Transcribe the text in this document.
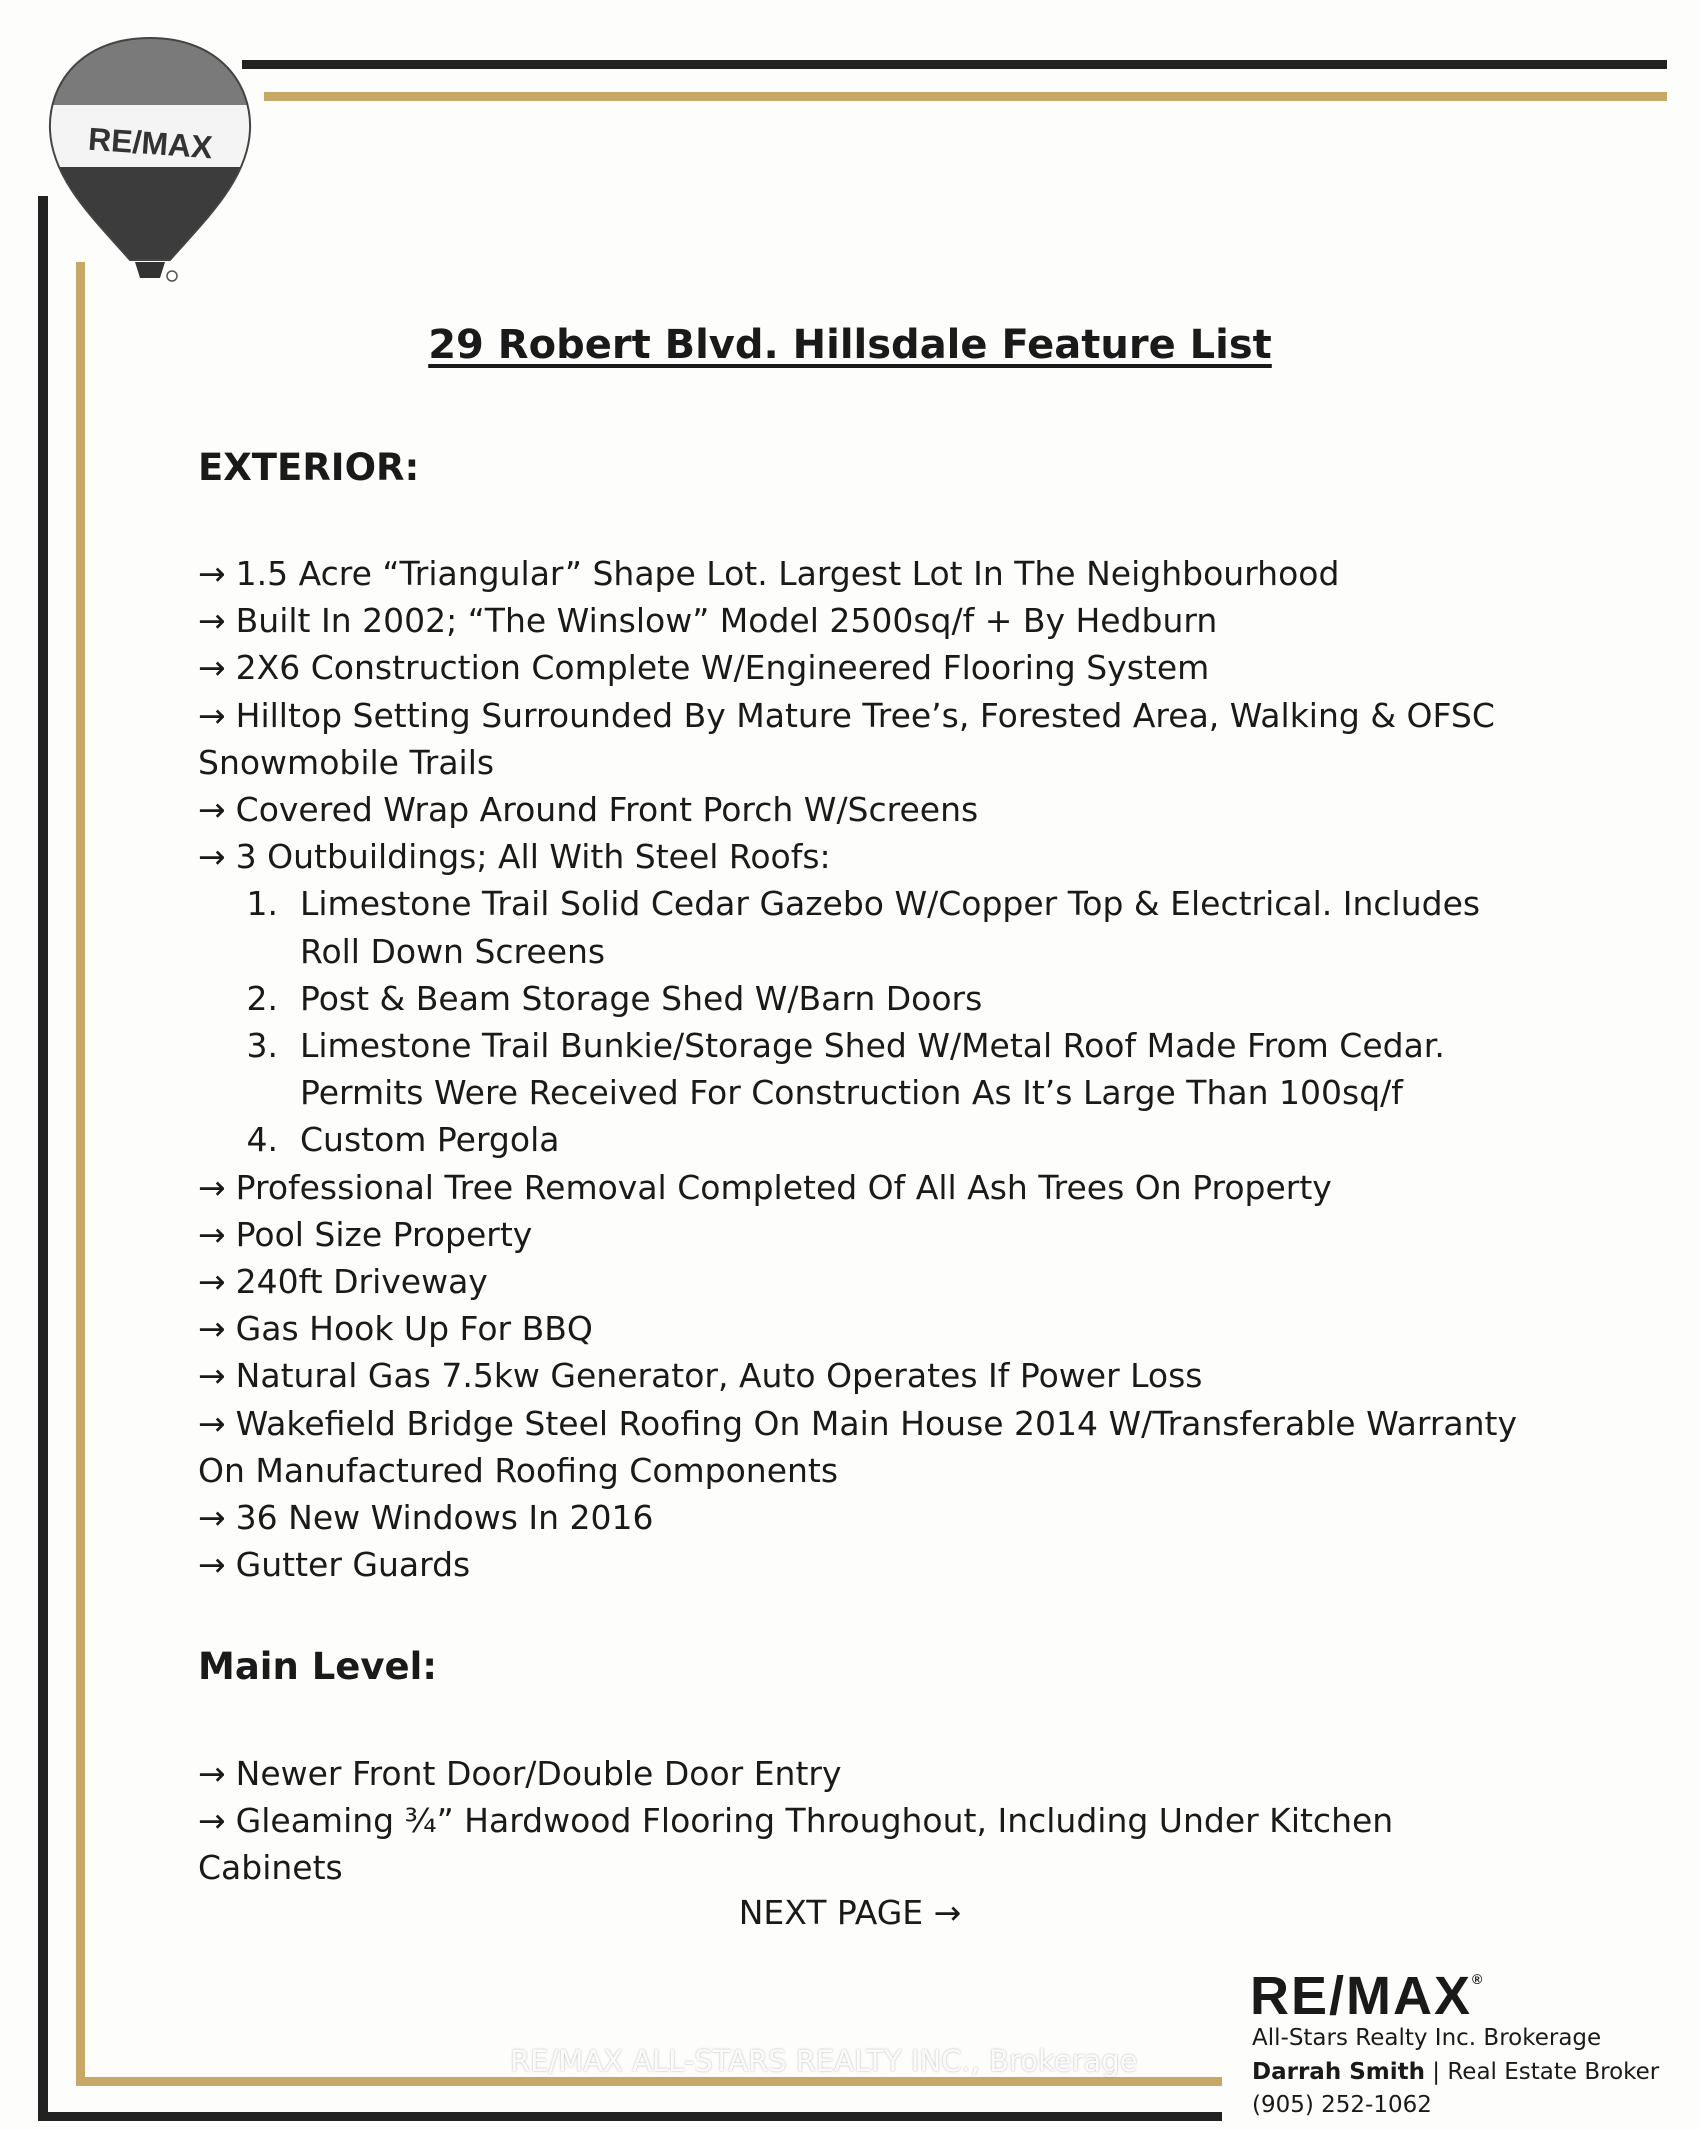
RE/MAX
29 Robert Blvd. Hillsdale Feature List
EXTERIOR:
→ 1.5 Acre “Triangular” Shape Lot. Largest Lot In The Neighbourhood
→ Built In 2002; “The Winslow” Model 2500sq/f + By Hedburn
→ 2X6 Construction Complete W/Engineered Flooring System
→ Hilltop Setting Surrounded By Mature Tree’s, Forested Area, Walking & OFSC
Snowmobile Trails
→ Covered Wrap Around Front Porch W/Screens
→ 3 Outbuildings; All With Steel Roofs:
1. Limestone Trail Solid Cedar Gazebo W/Copper Top & Electrical. Includes
Roll Down Screens
2. Post & Beam Storage Shed W/Barn Doors
3. Limestone Trail Bunkie/Storage Shed W/Metal Roof Made From Cedar.
Permits Were Received For Construction As It’s Large Than 100sq/f
4. Custom Pergola
→ Professional Tree Removal Completed Of All Ash Trees On Property
→ Pool Size Property
→ 240ft Driveway
→ Gas Hook Up For BBQ
→ Natural Gas 7.5kw Generator, Auto Operates If Power Loss
→ Wakefield Bridge Steel Roofing On Main House 2014 W/Transferable Warranty
On Manufactured Roofing Components
→ 36 New Windows In 2016
→ Gutter Guards
Main Level:
→ Newer Front Door/Double Door Entry
→ Gleaming ¾” Hardwood Flooring Throughout, Including Under Kitchen Cabinets
NEXT PAGE →
RE/MAX ALL-STARS REALTY INC., Brokerage
RE/MAX®
All-Stars Realty Inc. Brokerage
Darrah Smith | Real Estate Broker
(905) 252-1062
